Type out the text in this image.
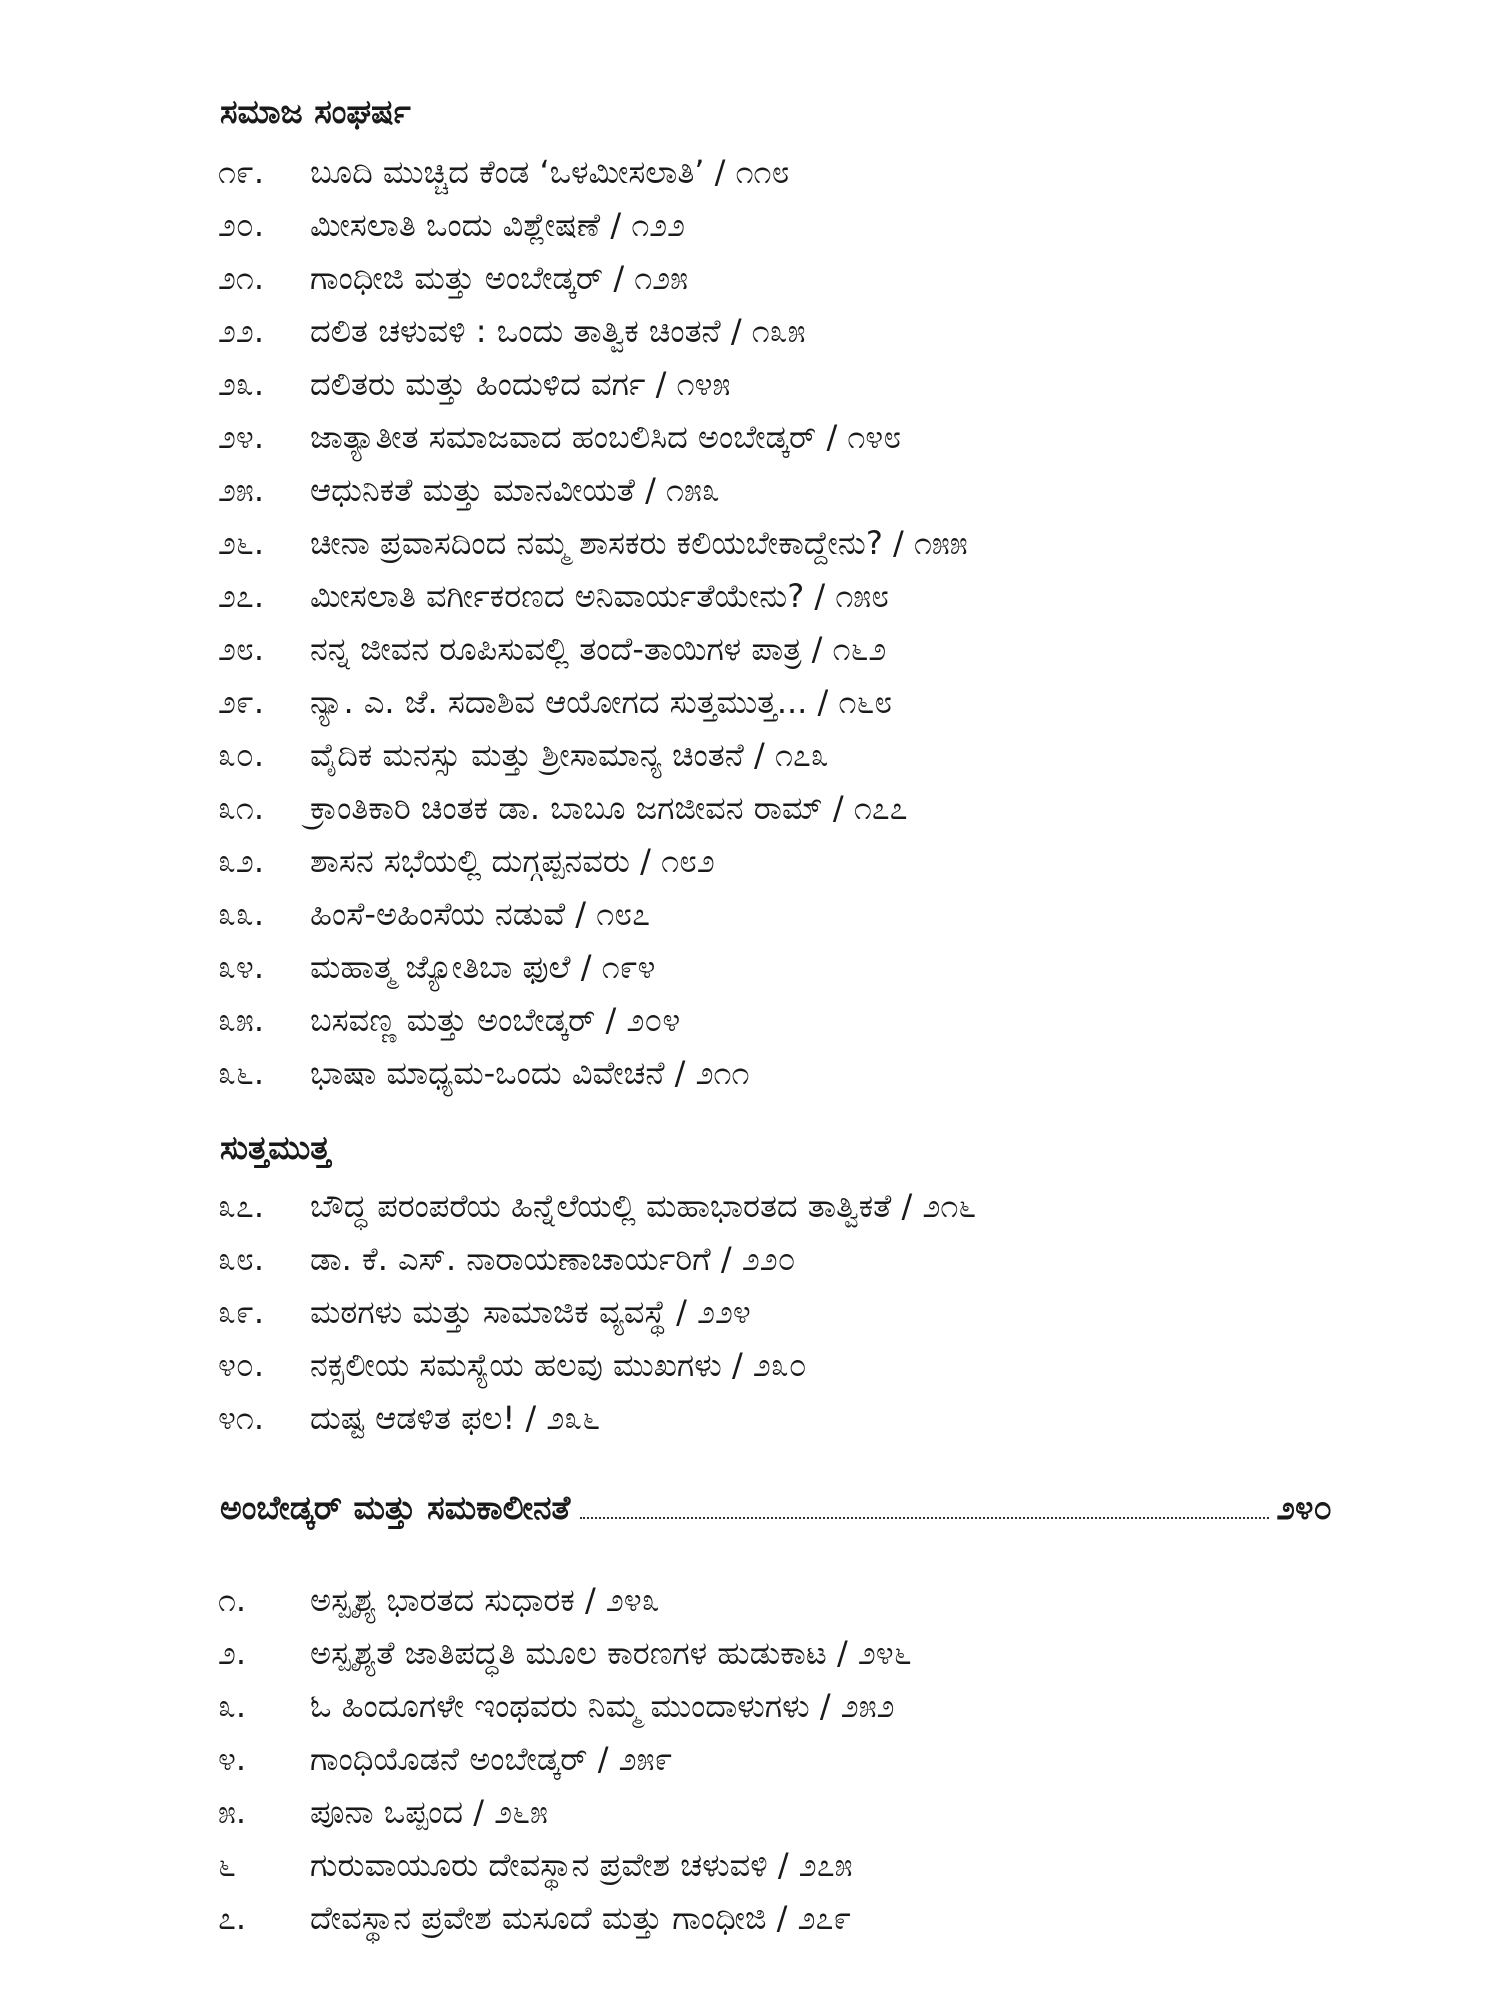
ಸಮಾಜ ಸಂಘರ್ಷ
೧೯. ಬೂದಿ ಮುಚ್ಚಿದ ಕೆಂಡ ‘ಒಳಮೀಸಲಾತಿ’ / ೧೧೮
೨೦. ಮೀಸಲಾತಿ ಒಂದು ವಿಶ್ಲೇಷಣೆ / ೧೨೨
೨೧. ಗಾಂಧೀಜಿ ಮತ್ತು ಅಂಬೇಡ್ಕರ್ / ೧೨೫
೨೨. ದಲಿತ ಚಳುವಳಿ : ಒಂದು ತಾತ್ವಿಕ ಚಿಂತನೆ / ೧೩೫
೨೩. ದಲಿತರು ಮತ್ತು ಹಿಂದುಳಿದ ವರ್ಗ / ೧೪೫
೨೪. ಜಾತ್ಯಾತೀತ ಸಮಾಜವಾದ ಹಂಬಲಿಸಿದ ಅಂಬೇಡ್ಕರ್ / ೧೪೮
೨೫. ಆಧುನಿಕತೆ ಮತ್ತು ಮಾನವೀಯತೆ / ೧೫೩
೨೬. ಚೀನಾ ಪ್ರವಾಸದಿಂದ ನಮ್ಮ ಶಾಸಕರು ಕಲಿಯಬೇಕಾದ್ದೇನು? / ೧೫೫
೨೭. ಮೀಸಲಾತಿ ವರ್ಗೀಕರಣದ ಅನಿವಾರ್ಯತೆಯೇನು? / ೧೫೮
೨೮. ನನ್ನ ಜೀವನ ರೂಪಿಸುವಲ್ಲಿ ತಂದೆ-ತಾಯಿಗಳ ಪಾತ್ರ / ೧೬೨
೨೯. ನ್ಯಾ. ಎ. ಜೆ. ಸದಾಶಿವ ಆಯೋಗದ ಸುತ್ತಮುತ್ತ... / ೧೬೮
೩೦. ವೈದಿಕ ಮನಸ್ಸು ಮತ್ತು ಶ್ರೀಸಾಮಾನ್ಯ ಚಿಂತನೆ / ೧೭೩
೩೧. ಕ್ರಾಂತಿಕಾರಿ ಚಿಂತಕ ಡಾ. ಬಾಬೂ ಜಗಜೀವನ ರಾಮ್ / ೧೭೭
೩೨. ಶಾಸನ ಸಭೆಯಲ್ಲಿ ದುಗ್ಗಪ್ಪನವರು / ೧೮೨
೩೩. ಹಿಂಸೆ-ಅಹಿಂಸೆಯ ನಡುವೆ / ೧೮೭
೩೪. ಮಹಾತ್ಮ ಜ್ಯೋತಿಬಾ ಫುಲೆ / ೧೯೪
೩೫. ಬಸವಣ್ಣ ಮತ್ತು ಅಂಬೇಡ್ಕರ್ / ೨೦೪
೩೬. ಭಾಷಾ ಮಾಧ್ಯಮ-ಒಂದು ವಿವೇಚನೆ / ೨೧೧
ಸುತ್ತಮುತ್ತ
೩೭. ಬೌದ್ಧ ಪರಂಪರೆಯ ಹಿನ್ನೆಲೆಯಲ್ಲಿ ಮಹಾಭಾರತದ ತಾತ್ವಿಕತೆ / ೨೧೬
೩೮. ಡಾ. ಕೆ. ಎಸ್. ನಾರಾಯಣಾಚಾರ್ಯರಿಗೆ / ೨೨೦
೩೯. ಮಠಗಳು ಮತ್ತು ಸಾಮಾಜಿಕ ವ್ಯವಸ್ಥೆ / ೨೨೪
೪೦. ನಕ್ಸಲೀಯ ಸಮಸ್ಯೆಯ ಹಲವು ಮುಖಗಳು / ೨೩೦
೪೧. ದುಷ್ಟ ಆಡಳಿತ ಫಲ! / ೨೩೬
ಅಂಬೇಡ್ಕರ್ ಮತ್ತು ಸಮಕಾಲೀನತೆ	೨೪೦
೧. ಅಸ್ಪೃಶ್ಯ ಭಾರತದ ಸುಧಾರಕ / ೨೪೩
೨. ಅಸ್ಪೃಶ್ಯತೆ ಜಾತಿಪದ್ಧತಿ ಮೂಲ ಕಾರಣಗಳ ಹುಡುಕಾಟ / ೨೪೬
೩. ಓ ಹಿಂದೂಗಳೇ ಇಂಥವರು ನಿಮ್ಮ ಮುಂದಾಳುಗಳು / ೨೫೨
೪. ಗಾಂಧಿಯೊಡನೆ ಅಂಬೇಡ್ಕರ್ / ೨೫೯
೫. ಪೂನಾ ಒಪ್ಪಂದ / ೨೬೫
೬ ಗುರುವಾಯೂರು ದೇವಸ್ಥಾನ ಪ್ರವೇಶ ಚಳುವಳಿ / ೨೭೫
೭. ದೇವಸ್ಥಾನ ಪ್ರವೇಶ ಮಸೂದೆ ಮತ್ತು ಗಾಂಧೀಜಿ / ೨೭೯
